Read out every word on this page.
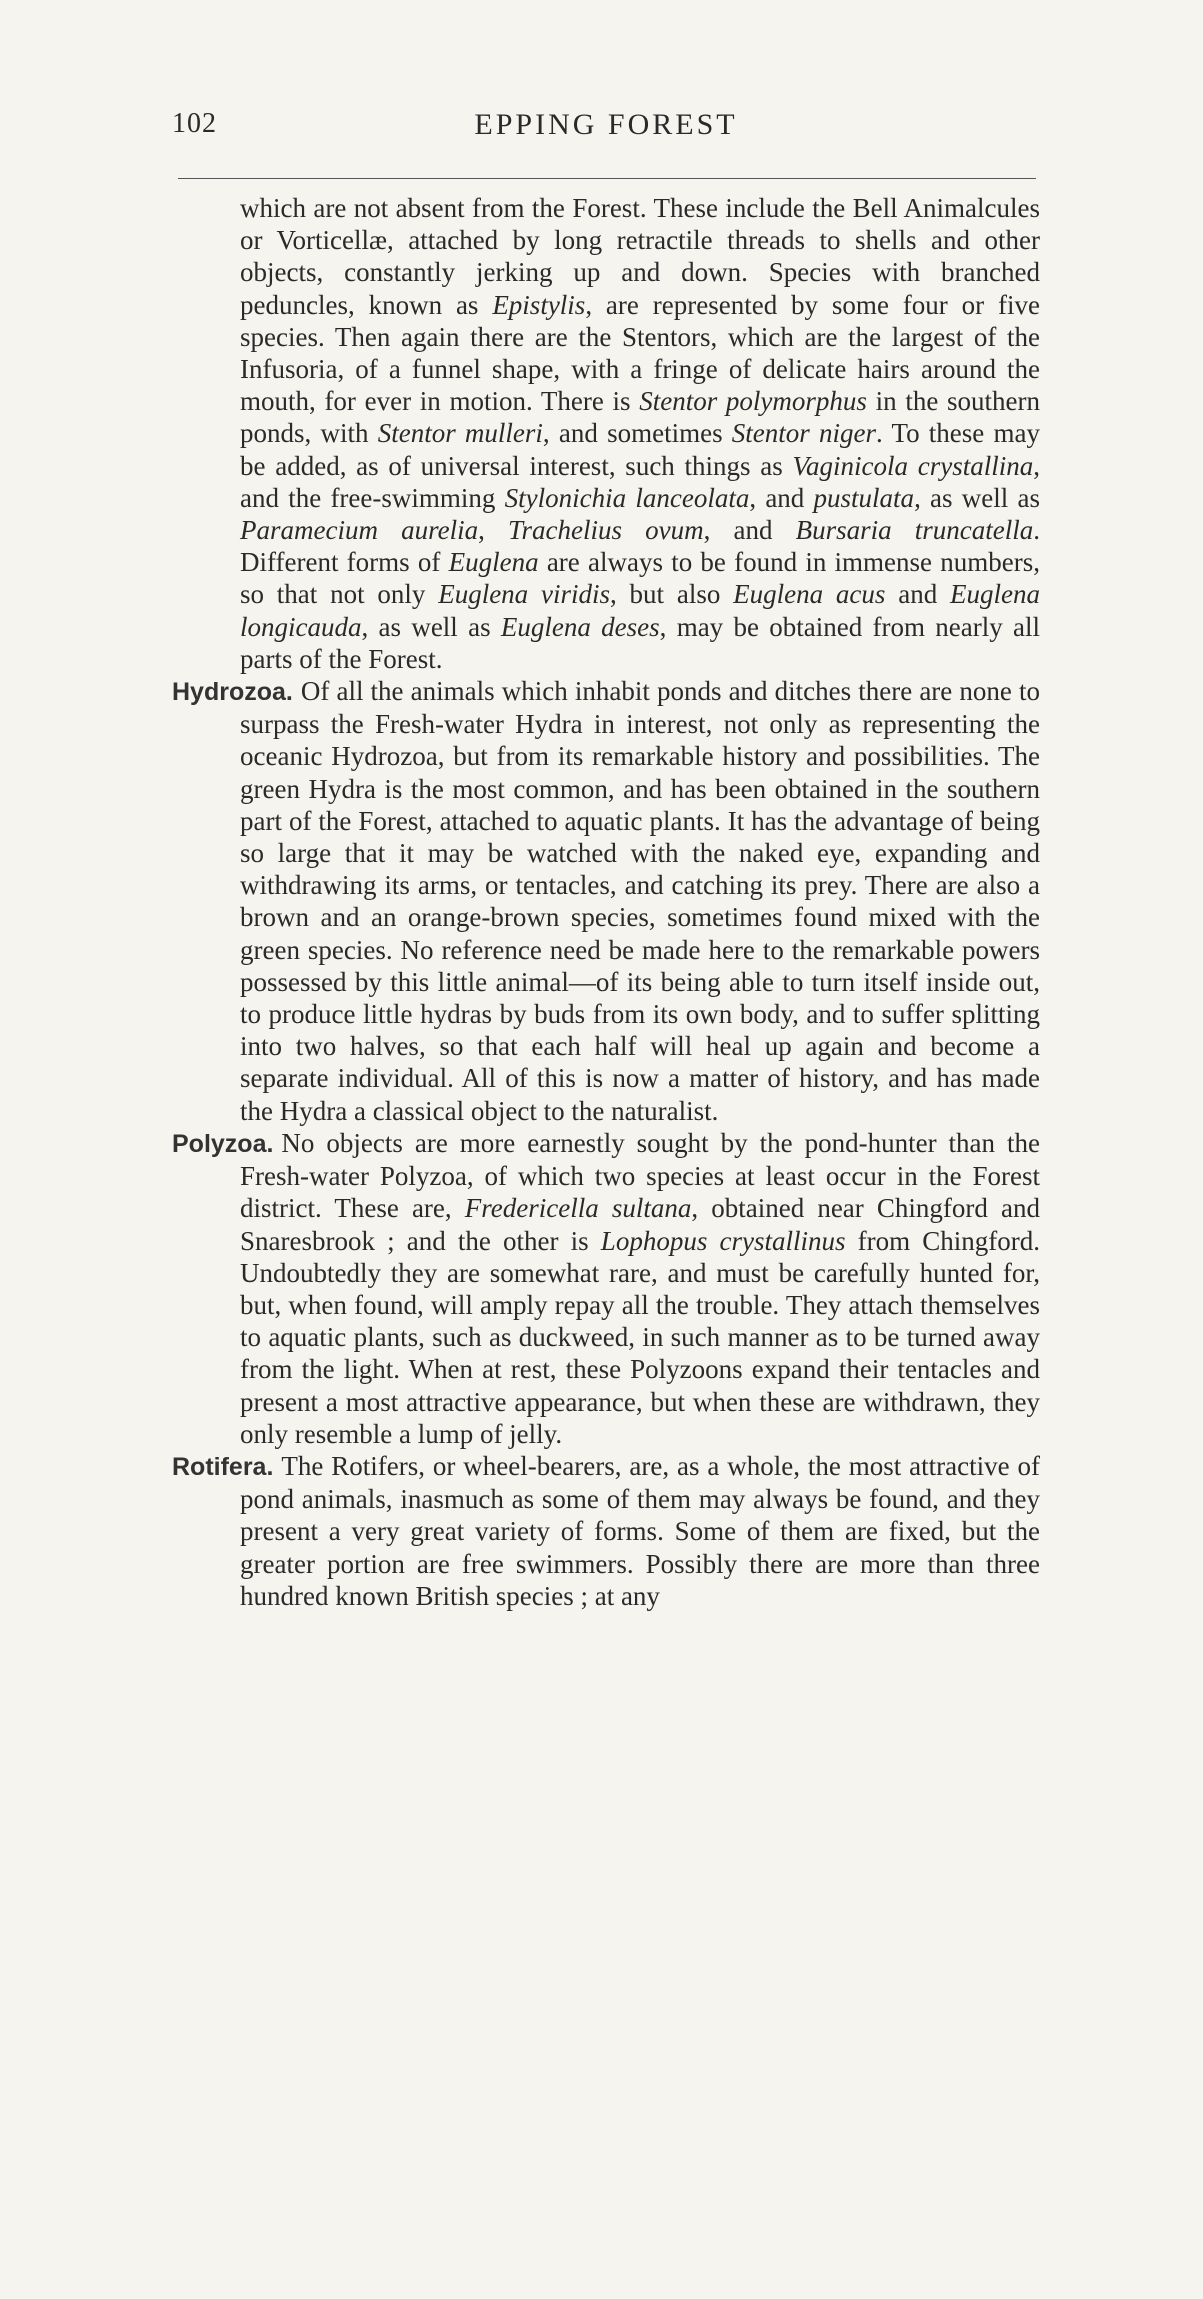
102	EPPING FOREST

which are not absent from the Forest. These include the Bell Animalcules or Vorticellæ, attached by long retractile threads to shells and other objects, constantly jerking up and down. Species with branched peduncles, known as Epistylis, are represented by some four or five species. Then again there are the Stentors, which are the largest of the Infusoria, of a funnel shape, with a fringe of delicate hairs around the mouth, for ever in motion. There is Stentor polymorphus in the southern ponds, with Stentor mulleri, and sometimes Stentor niger. To these may be added, as of universal interest, such things as Vaginicola crystallina, and the free-swimming Stylonichia lanceolata, and pustulata, as well as Paramecium aurelia, Trachelius ovum, and Bursaria truncatella. Different forms of Euglena are always to be found in immense numbers, so that not only Euglena viridis, but also Euglena acus and Euglena longicauda, as well as Euglena deses, may be obtained from nearly all parts of the Forest.

Hydrozoa. Of all the animals which inhabit ponds and ditches there are none to surpass the Fresh-water Hydra in interest, not only as representing the oceanic Hydrozoa, but from its remarkable history and possibilities. The green Hydra is the most common, and has been obtained in the southern part of the Forest, attached to aquatic plants. It has the advantage of being so large that it may be watched with the naked eye, expanding and withdrawing its arms, or tentacles, and catching its prey. There are also a brown and an orange-brown species, sometimes found mixed with the green species. No reference need be made here to the remarkable powers possessed by this little animal—of its being able to turn itself inside out, to produce little hydras by buds from its own body, and to suffer splitting into two halves, so that each half will heal up again and become a separate individual. All of this is now a matter of history, and has made the Hydra a classical object to the naturalist.

Polyzoa. No objects are more earnestly sought by the pond-hunter than the Fresh-water Polyzoa, of which two species at least occur in the Forest district. These are, Fredericella sultana, obtained near Chingford and Snaresbrook ; and the other is Lophopus crystallinus from Chingford. Undoubtedly they are somewhat rare, and must be carefully hunted for, but, when found, will amply repay all the trouble. They attach themselves to aquatic plants, such as duckweed, in such manner as to be turned away from the light. When at rest, these Polyzoons expand their tentacles and present a most attractive appearance, but when these are withdrawn, they only resemble a lump of jelly.

Rotifera. The Rotifers, or wheel-bearers, are, as a whole, the most attractive of pond animals, inasmuch as some of them may always be found, and they present a very great variety of forms. Some of them are fixed, but the greater portion are free swimmers. Possibly there are more than three hundred known British species ; at any
